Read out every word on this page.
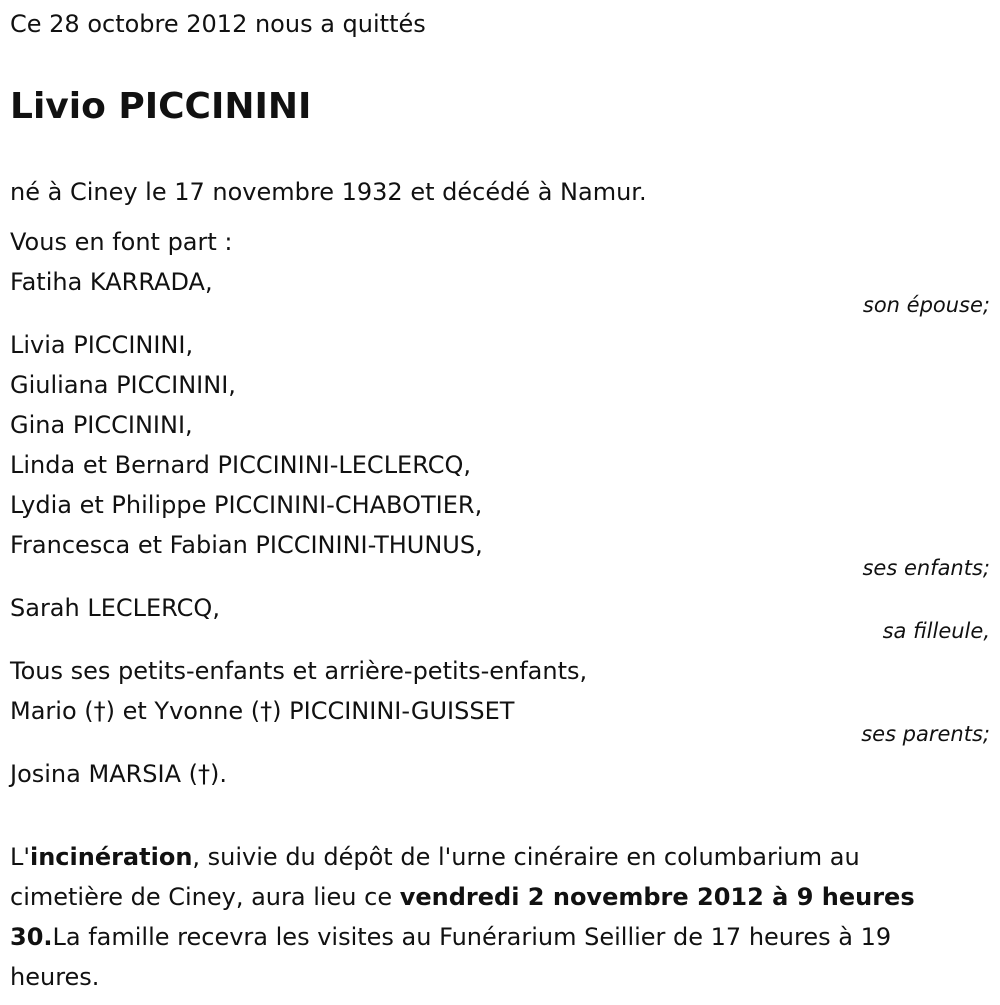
Ce 28 octobre 2012 nous a quittés
Livio PICCININI
né à Ciney le 17 novembre 1932 et décédé à Namur.
Vous en font part :
Fatiha KARRADA,
son épouse;
Livia PICCININI,
Giuliana PICCININI,
Gina PICCININI,
Linda et Bernard PICCININI-LECLERCQ,
Lydia et Philippe PICCININI-CHABOTIER,
Francesca et Fabian PICCININI-THUNUS,
ses enfants;
Sarah LECLERCQ,
sa filleule,
Tous ses petits-enfants et arrière-petits-enfants,
Mario (†) et Yvonne (†) PICCININI-GUISSET
ses parents;
Josina MARSIA (†).
L'incinération, suivie du dépôt de l'urne cinéraire en columbarium au cimetière de Ciney, aura lieu ce vendredi 2 novembre 2012 à 9 heures 30.La famille recevra les visites au Funérarium Seillier de 17 heures à 19 heures.
